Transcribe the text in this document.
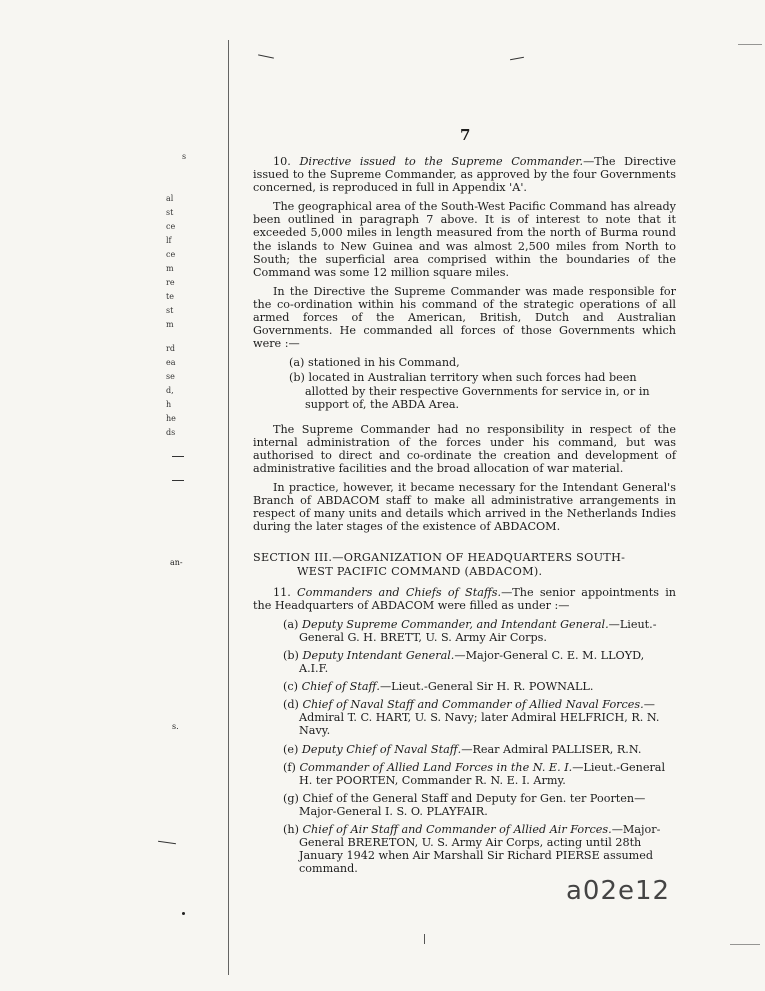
s
al
st
ce
lf
ce
m
re
te
st
m
rd
ea
se
d,
h
he
ds
an-
s.
7

10. Directive issued to the Supreme Commander.—The Directive issued to the Supreme Commander, as approved by the four Governments concerned, is reproduced in full in Appendix 'A'.

The geographical area of the South-West Pacific Command has already been outlined in paragraph 7 above. It is of interest to note that it exceeded 5,000 miles in length measured from the north of Burma round the islands to New Guinea and was almost 2,500 miles from North to South; the superficial area comprised within the boundaries of the Command was some 12 million square miles.

In the Directive the Supreme Commander was made responsible for the co-ordination within his command of the strategic operations of all armed forces of the American, British, Dutch and Australian Governments. He commanded all forces of those Governments which were :—

(a) stationed in his Command,
(b) located in Australian territory when such forces had been allotted by their respective Governments for service in, or in support of, the ABDA Area.

The Supreme Commander had no responsibility in respect of the internal administration of the forces under his command, but was authorised to direct and co-ordinate the creation and development of administrative facilities and the broad allocation of war material.

In practice, however, it became necessary for the Intendant General's Branch of ABDACOM staff to make all administrative arrangements in respect of many units and details which arrived in the Netherlands Indies during the later stages of the existence of ABDACOM.

SECTION III.—ORGANIZATION OF HEADQUARTERS SOUTH-
WEST PACIFIC COMMAND (ABDACOM).

11. Commanders and Chiefs of Staffs.—The senior appointments in the Headquarters of ABDACOM were filled as under :—

(a) Deputy Supreme Commander, and Intendant General.—Lieut.-General G. H. BRETT, U. S. Army Air Corps.
(b) Deputy Intendant General.—Major-General C. E. M. LLOYD, A.I.F.
(c) Chief of Staff.—Lieut.-General Sir H. R. POWNALL.
(d) Chief of Naval Staff and Commander of Allied Naval Forces.—Admiral T. C. HART, U. S. Navy; later Admiral HELFRICH, R. N. Navy.
(e) Deputy Chief of Naval Staff.—Rear Admiral PALLISER, R.N.
(f) Commander of Allied Land Forces in the N. E. I.—Lieut.-General H. ter POORTEN, Commander R. N. E. I. Army.
(g) Chief of the General Staff and Deputy for Gen. ter Poorten—Major-General I. S. O. PLAYFAIR.
(h) Chief of Air Staff and Commander of Allied Air Forces.—Major-General BRERETON, U. S. Army Air Corps, acting until 28th January 1942 when Air Marshall Sir Richard PIERSE assumed command.
a02e12
